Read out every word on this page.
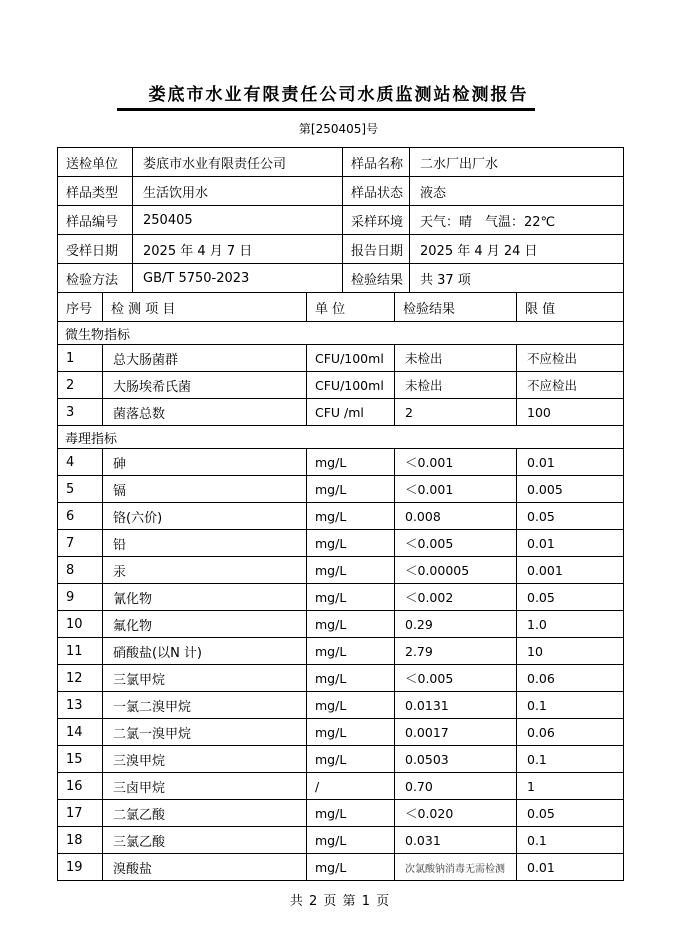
娄底市水业有限责任公司水质监测站检测报告
第[250405]号
送检单位	娄底市水业有限责任公司	样品名称	二水厂出厂水
样品类型	生活饮用水	样品状态	液态
样品编号	250405	采样环境	天气：晴　气温：22℃
受样日期	2025 年 4 月 7 日	报告日期	2025 年 4 月 24 日
检验方法	GB/T 5750-2023	检验结果	共 37 项
序号	检 测 项 目	单 位	检验结果	限 值
微生物指标				
1	总大肠菌群	CFU/100ml	未检出	不应检出
2	大肠埃希氏菌	CFU/100ml	未检出	不应检出
3	菌落总数	CFU /ml	2	100
毒理指标				
4	砷	mg/L	＜0.001	0.01
5	镉	mg/L	＜0.001	0.005
6	铬(六价)	mg/L	0.008	0.05
7	铅	mg/L	＜0.005	0.01
8	汞	mg/L	＜0.00005	0.001
9	氰化物	mg/L	＜0.002	0.05
10	氟化物	mg/L	0.29	1.0
11	硝酸盐(以N 计)	mg/L	2.79	10
12	三氯甲烷	mg/L	＜0.005	0.06
13	一氯二溴甲烷	mg/L	0.0131	0.1
14	二氯一溴甲烷	mg/L	0.0017	0.06
15	三溴甲烷	mg/L	0.0503	0.1
16	三卤甲烷	/	0.70	1
17	二氯乙酸	mg/L	＜0.020	0.05
18	三氯乙酸	mg/L	0.031	0.1
19	溴酸盐	mg/L	次氯酸钠消毒无需检测	0.01
共 2 页 第 1 页
